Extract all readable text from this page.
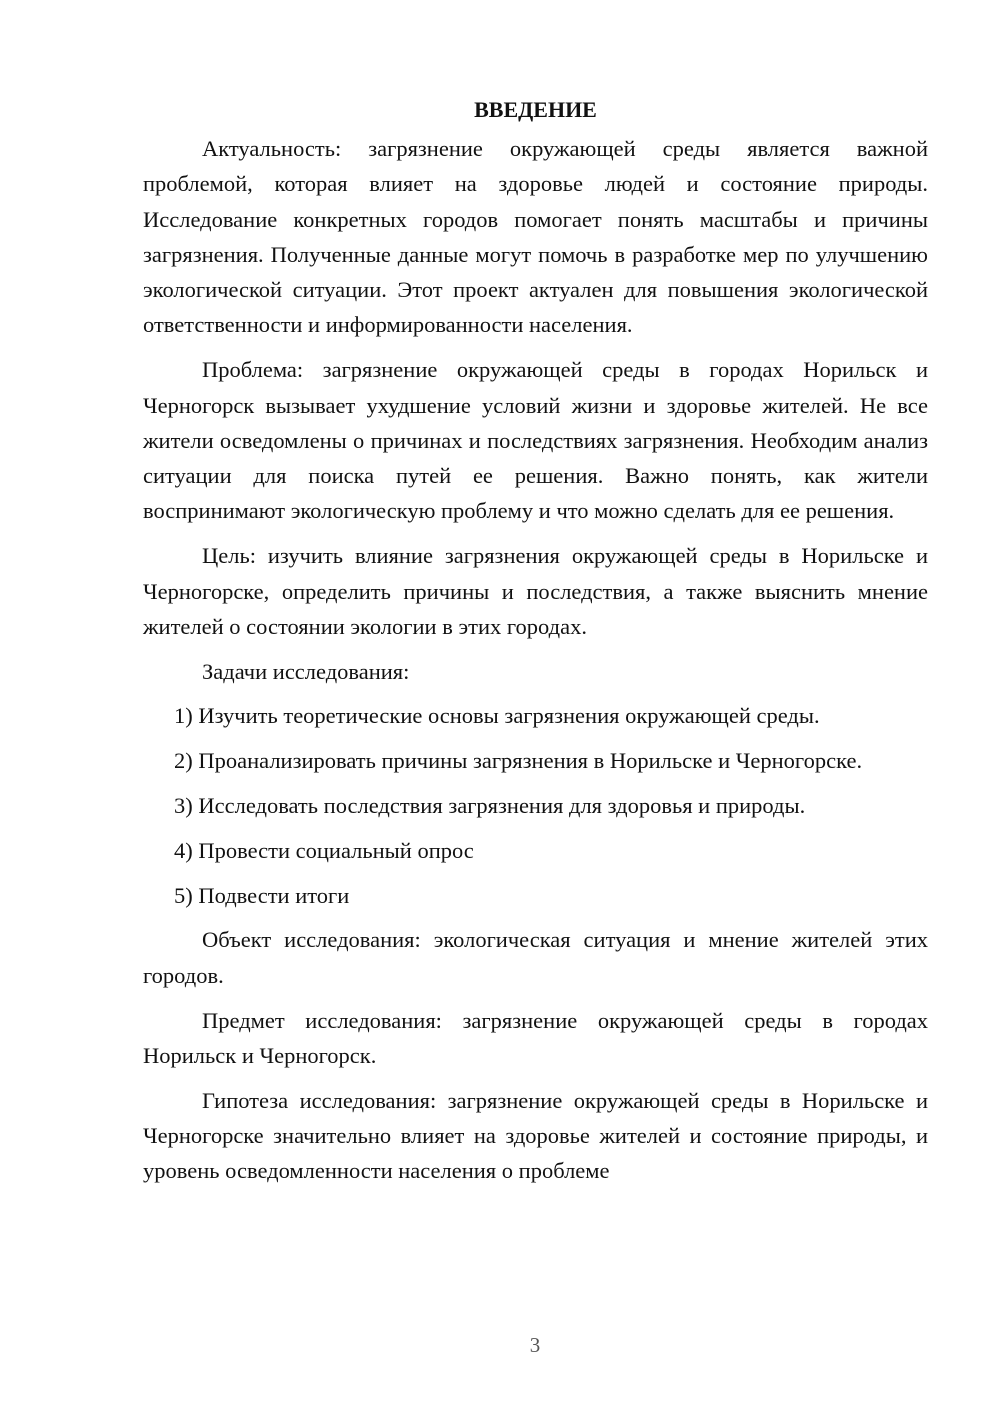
ВВЕДЕНИЕ

Актуальность: загрязнение окружающей среды является важной проблемой, которая влияет на здоровье людей и состояние природы. Исследование конкретных городов помогает понять масштабы и причины загрязнения. Полученные данные могут помочь в разработке мер по улучшению экологической ситуации. Этот проект актуален для повышения экологической ответственности и информированности населения.

Проблема: загрязнение окружающей среды в городах Норильск и Черногорск вызывает ухудшение условий жизни и здоровье жителей. Не все жители осведомлены о причинах и последствиях загрязнения. Необходим анализ ситуации для поиска путей ее решения. Важно понять, как жители воспринимают экологическую проблему и что можно сделать для ее решения.

Цель: изучить влияние загрязнения окружающей среды в Норильске и Черногорске, определить причины и последствия, а также выяснить мнение жителей о состоянии экологии в этих городах.

Задачи исследования:

1) Изучить теоретические основы загрязнения окружающей среды.

2) Проанализировать причины загрязнения в Норильске и Черногорске.

3) Исследовать последствия загрязнения для здоровья и природы.

4) Провести социальный опрос

5) Подвести итоги

Объект исследования: экологическая ситуация и мнение жителей этих городов.

Предмет исследования: загрязнение окружающей среды в городах Норильск и Черногорск.

Гипотеза исследования: загрязнение окружающей среды в Норильске и Черногорске значительно влияет на здоровье жителей и состояние природы, и уровень осведомленности населения о проблеме

3
